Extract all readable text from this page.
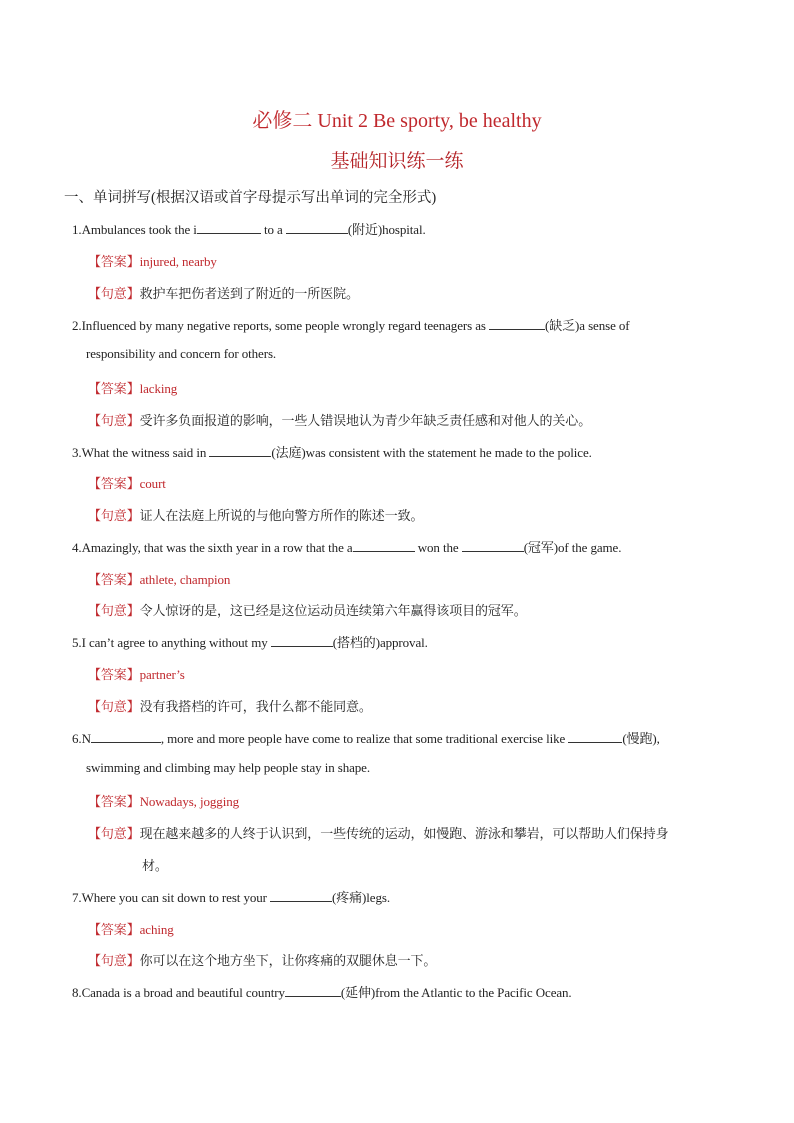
必修二 Unit 2 Be sporty, be healthy
基础知识练一练
一、单词拼写(根据汉语或首字母提示写出单词的完全形式)
1.Ambulances took the i	to a	(附近)hospital.
【答案】injured, nearby
【句意】救护车把伤者送到了附近的一所医院。
2.Influenced by many negative reports, some people wrongly regard teenagers as	(缺乏)a sense of
responsibility and concern for others.
【答案】lacking
【句意】受许多负面报道的影响，一些人错误地认为青少年缺乏责任感和对他人的关心。
3.What the witness said in	(法庭)was consistent with the statement he made to the police.
【答案】court
【句意】证人在法庭上所说的与他向警方所作的陈述一致。
4.Amazingly, that was the sixth year in a row that the a	won the	(冠军)of the game.
【答案】athlete, champion
【句意】令人惊讶的是，这已经是这位运动员连续第六年赢得该项目的冠军。
5.I can’t agree to anything without my	(搭档的)approval.
【答案】partner’s
【句意】没有我搭档的许可，我什么都不能同意。
6.N	, more and more people have come to realize that some traditional exercise like	(慢跑),
swimming and climbing may help people stay in shape.
【答案】Nowadays, jogging
【句意】现在越来越多的人终于认识到，一些传统的运动，如慢跑、游泳和攀岩，可以帮助人们保持身
材。
7.Where you can sit down to rest your	(疼痛)legs.
【答案】aching
【句意】你可以在这个地方坐下，让你疼痛的双腿休息一下。
8.Canada is a broad and beautiful country	(延伸)from the Atlantic to the Pacific Ocean.
